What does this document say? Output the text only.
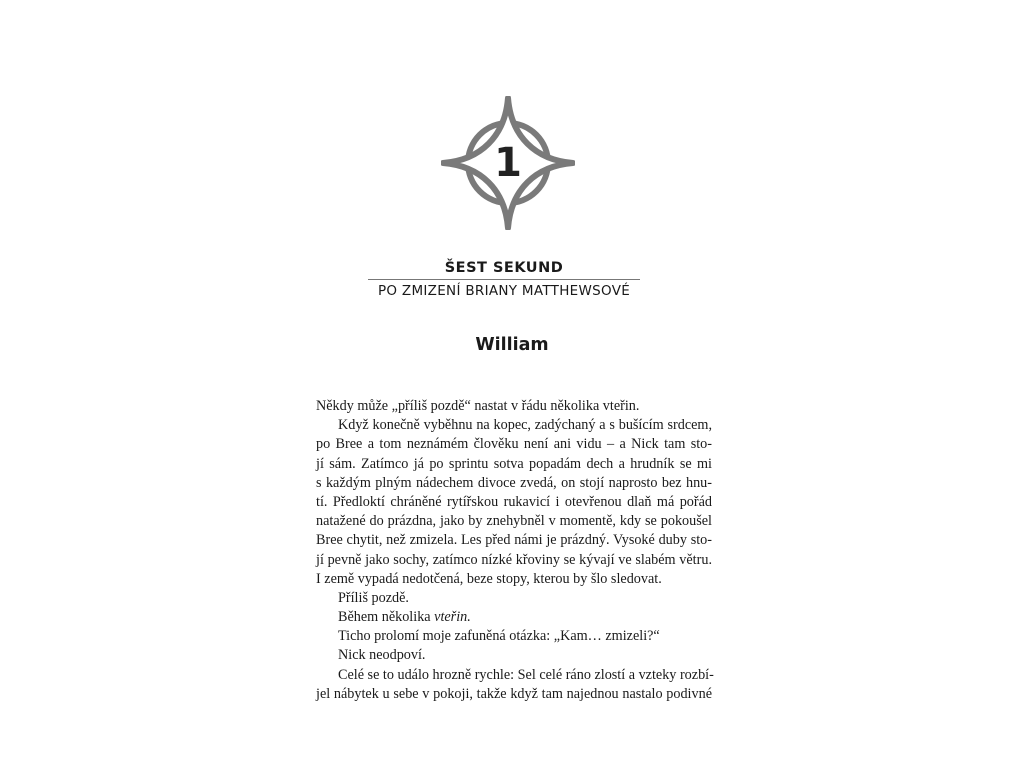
1
ŠEST SEKUND
PO ZMIZENÍ BRIANY MATTHEWSOVÉ
William
Někdy může „příliš pozdě“ nastat v řádu několika vteřin.
Když konečně vyběhnu na kopec, zadýchaný a s bušícím srdcem,
po Bree a tom neznámém člověku není ani vidu – a Nick tam sto-
jí sám. Zatímco já po sprintu sotva popadám dech a hrudník se mi
s každým plným nádechem divoce zvedá, on stojí naprosto bez hnu-
tí. Předloktí chráněné rytířskou rukavicí i otevřenou dlaň má pořád
natažené do prázdna, jako by znehybněl v momentě, kdy se pokoušel
Bree chytit, než zmizela. Les před námi je prázdný. Vysoké duby sto-
jí pevně jako sochy, zatímco nízké křoviny se kývají ve slabém větru.
I země vypadá nedotčená, beze stopy, kterou by šlo sledovat.
Příliš pozdě.
Během několika vteřin.
Ticho prolomí moje zafuněná otázka: „Kam… zmizeli?“
Nick neodpoví.
Celé se to událo hrozně rychle: Sel celé ráno zlostí a vzteky rozbí-
jel nábytek u sebe v pokoji, takže když tam najednou nastalo podivné
